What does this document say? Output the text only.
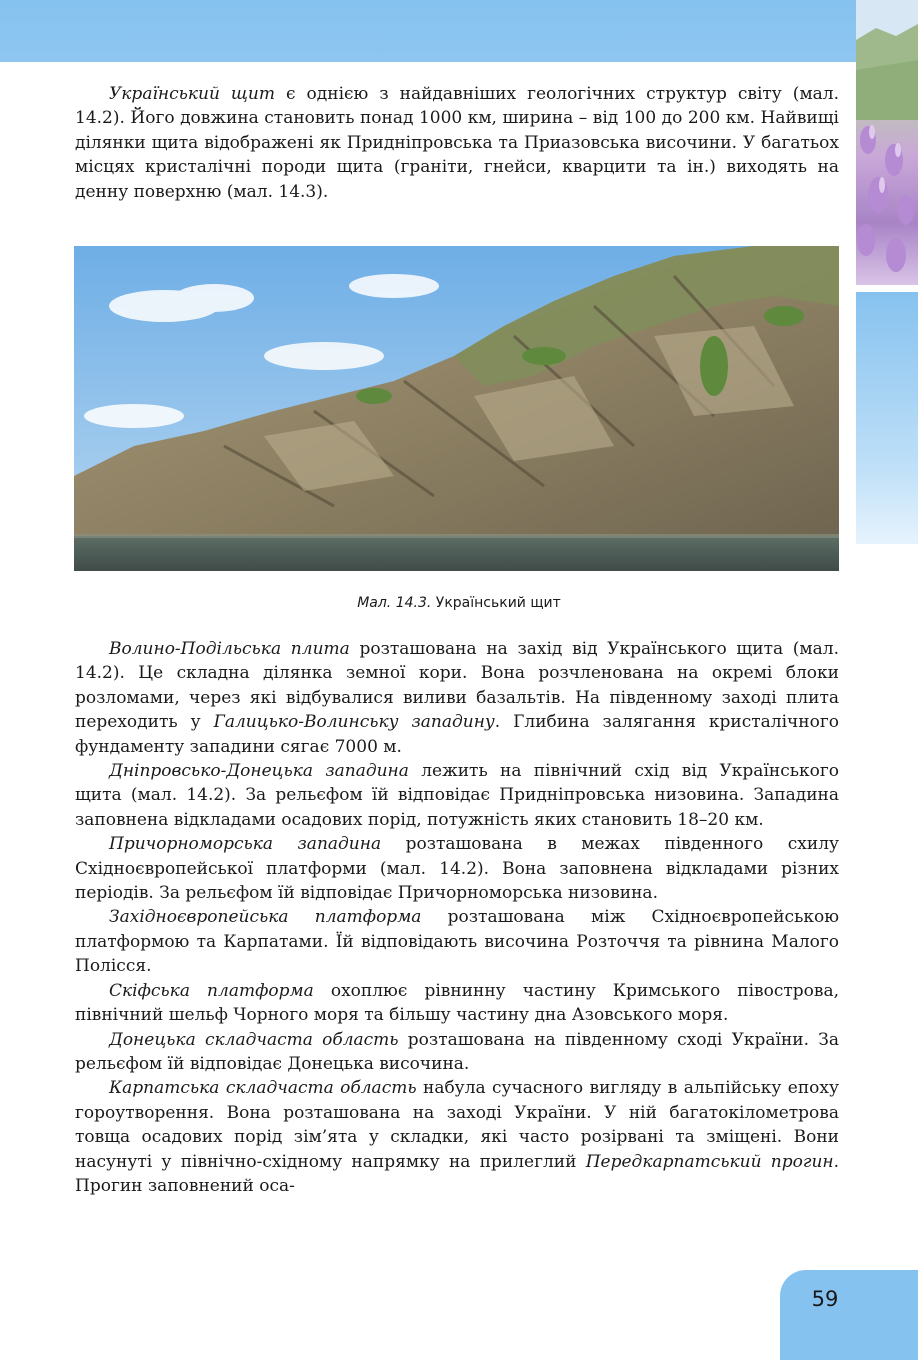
Український щит є однією з найдавніших геологічних структур світу (мал. 14.2). Його довжина становить понад 1000 км, ширина – від 100 до 200 км. Найвищі ділянки щита відображені як Придніпровська та Приазовська височини. У багатьох місцях кристалічні породи щита (граніти, гнейси, кварцити та ін.) виходять на денну поверхню (мал. 14.3).

Мал. 14.3. Український щит

Волино-Подільська плита розташована на захід від Українського щита (мал. 14.2). Це складна ділянка земної кори. Вона розчленована на окремі блоки розломами, через які відбувалися виливи базальтів. На південному заході плита переходить у Галицько-Волинську западину. Глибина залягання кристалічного фундаменту западини сягає 7000 м.

Дніпровсько-Донецька западина лежить на північний схід від Українського щита (мал. 14.2). За рельєфом їй відповідає Придніпровська низовина. Западина заповнена відкладами осадових порід, потужність яких становить 18–20 км.

Причорноморська западина розташована в межах південного схилу Східноєвропейської платформи (мал. 14.2). Вона заповнена відкладами різних періодів. За рельєфом їй відповідає Причорноморська низовина.

Західноєвропейська платформа розташована між Східноєвропейською платформою та Карпатами. Їй відповідають височина Розточчя та рівнина Малого Полісся.

Скіфська платформа охоплює рівнинну частину Кримського півострова, північний шельф Чорного моря та більшу частину дна Азовського моря.

Донецька складчаста область розташована на південному сході України. За рельєфом їй відповідає Донецька височина.

Карпатська складчаста область набула сучасного вигляду в альпійську епоху гороутворення. Вона розташована на заході України. У ній багатокілометрова товща осадових порід зім’ята у складки, які часто розірвані та зміщені. Вони насунуті у північно-східному напрямку на прилеглий Передкарпатський прогин. Прогин заповнений оса-

59
